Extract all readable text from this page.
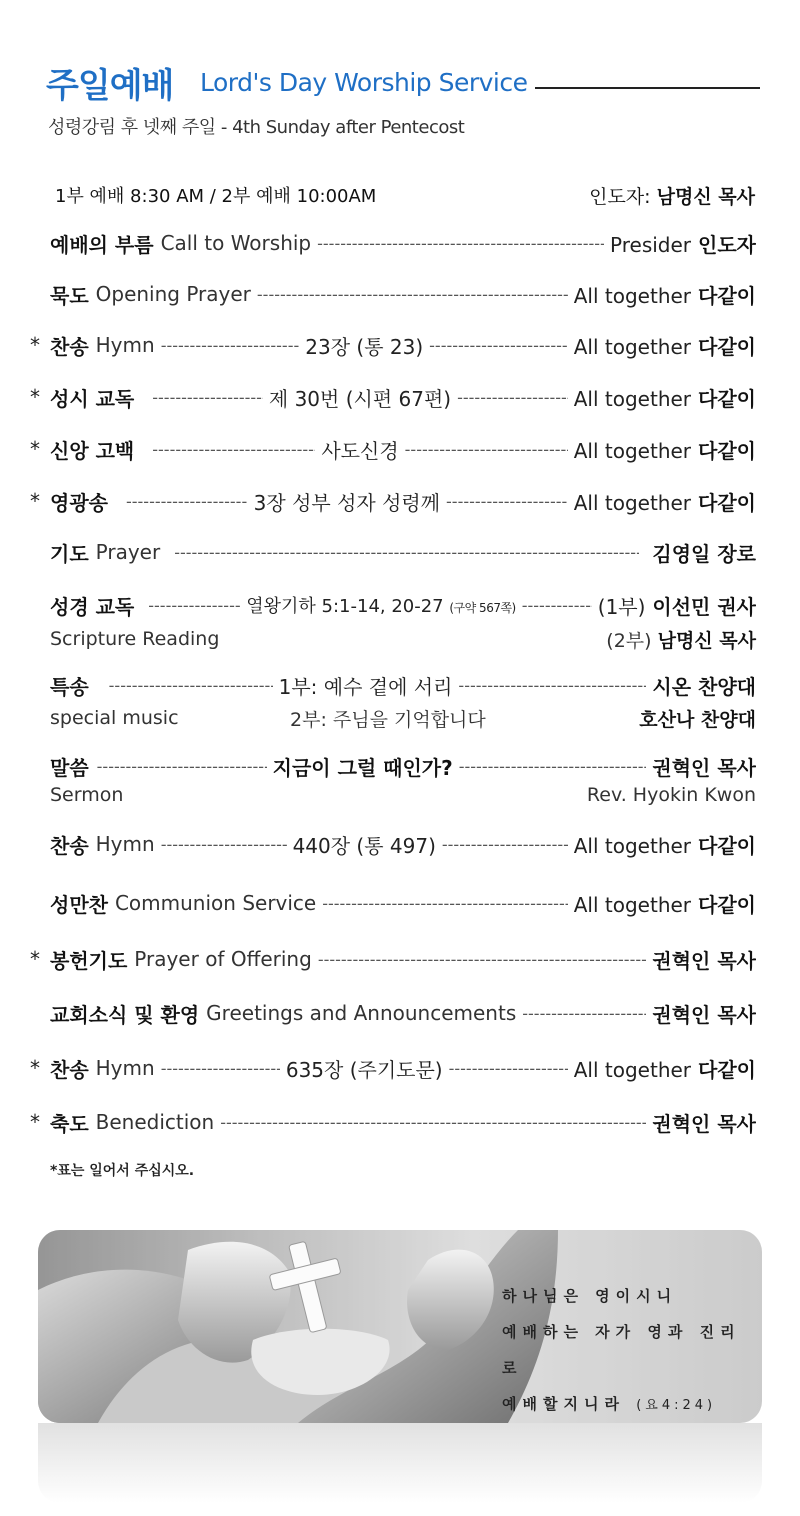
주일예배 Lord's Day Worship Service
성령강림 후 넷째 주일 - 4th Sunday after Pentecost
1부 예배 8:30 AM / 2부 예배 10:00AM	인도자: 남명신 목사
예배의 부름 Call to Worship -----	Presider 인도자
묵도 Opening Prayer -----	All together 다같이
* 찬송 Hymn -----	23장 (통 23) -----	All together 다같이
* 성시 교독 -----	제 30번 (시편 67편) -----	All together 다같이
* 신앙 고백 -----	사도신경 -----	All together 다같이
* 영광송 -----	3장 성부 성자 성령께 -----	All together 다같이
기도 Prayer -----	김영일 장로
성경 교독 -----	열왕기하 5:1-14, 20-27 (구약 567쪽) -----	(1부) 이선민 권사
Scripture Reading	(2부) 남명신 목사
특송 -----	1부: 예수 곁에 서리 -----	시온 찬양대
special music	2부: 주님을 기억합니다	호산나 찬양대
말씀 -----	지금이 그럴 때인가? -----	권혁인 목사
Sermon	Rev. Hyokin Kwon
찬송 Hymn -----	440장 (통 497) -----	All together 다같이
성만찬 Communion Service -----	All together 다같이
* 봉헌기도 Prayer of Offering -----	권혁인 목사
교회소식 및 환영 Greetings and Announcements -----	권혁인 목사
* 찬송 Hymn -----	635장 (주기도문) -----	All together 다같이
* 축도 Benediction -----	권혁인 목사
*표는 일어서 주십시오.
하나님은 영이시니
예배하는 자가 영과 진리로
예배할지니라 (요4:24)
